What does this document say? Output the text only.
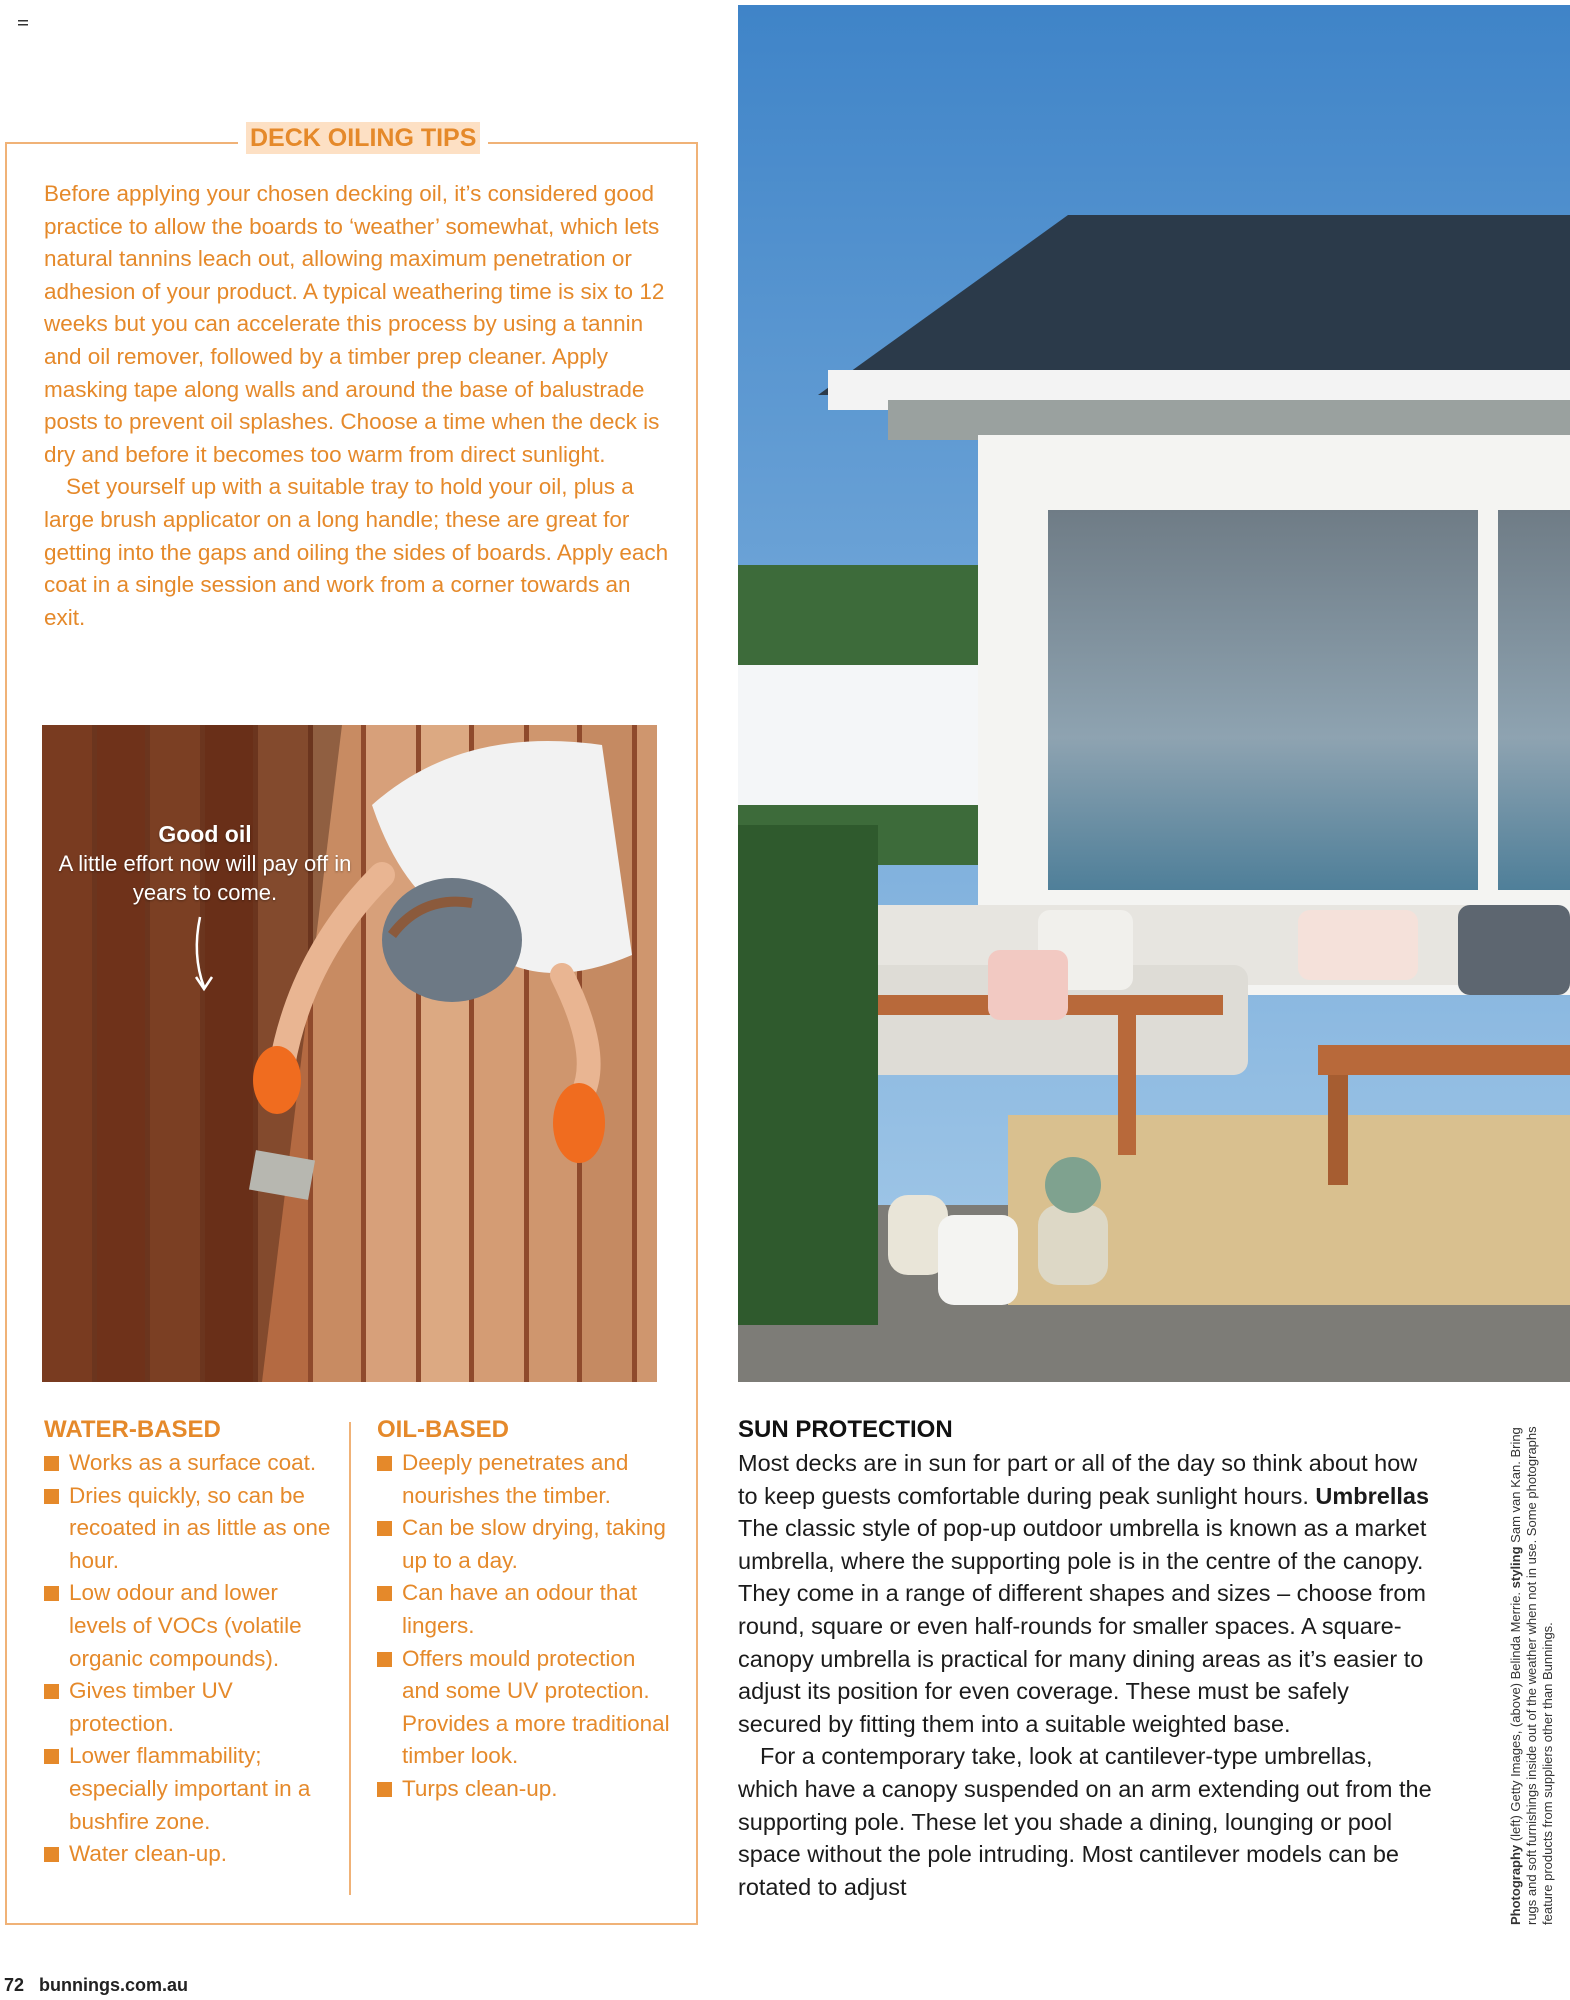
DECK OILING TIPS

Before applying your chosen decking oil, it’s considered good practice to allow the boards to ‘weather’ somewhat, which lets natural tannins leach out, allowing maximum penetration or adhesion of your product. A typical weathering time is six to 12 weeks but you can accelerate this process by using a tannin and oil remover, followed by a timber prep cleaner. Apply masking tape along walls and around the base of balustrade posts to prevent oil splashes. Choose a time when the deck is dry and before it becomes too warm from direct sunlight.

Set yourself up with a suitable tray to hold your oil, plus a large brush applicator on a long handle; these are great for getting into the gaps and oiling the sides of boards. Apply each coat in a single session and work from a corner towards an exit.

Good oil
A little effort now will pay off in years to come.
WATER-BASED
Works as a surface coat.
Dries quickly, so can be recoated in as little as one hour.
Low odour and lower levels of VOCs (volatile organic compounds).
Gives timber UV protection.
Lower flammability; especially important in a bushfire zone.
Water clean-up.
OIL-BASED
Deeply penetrates and nourishes the timber.
Can be slow drying, taking up to a day.
Can have an odour that lingers.
Offers mould protection and some UV protection. Provides a more traditional timber look.
Turps clean-up.
SUN PROTECTION

Most decks are in sun for part or all of the day so think about how to keep guests comfortable during peak sunlight hours. Umbrellas The classic style of pop-up outdoor umbrella is known as a market umbrella, where the supporting pole is in the centre of the canopy. They come in a range of different shapes and sizes – choose from round, square or even half-rounds for smaller spaces. A square-canopy umbrella is practical for many dining areas as it’s easier to adjust its position for even coverage. These must be safely secured by fitting them into a suitable weighted base.

For a contemporary take, look at cantilever-type umbrellas, which have a canopy suspended on an arm extending out from the supporting pole. These let you shade a dining, lounging or pool space without the pole intruding. Most cantilever models can be rotated to adjust	Photography (left) Getty Images, (above) Belinda Merrie. styling Sam van Kan. Bring rugs and soft furnishings inside out of the weather when not in use. Some photographs feature products from suppliers other than Bunnings.
72 bunnings.com.au
